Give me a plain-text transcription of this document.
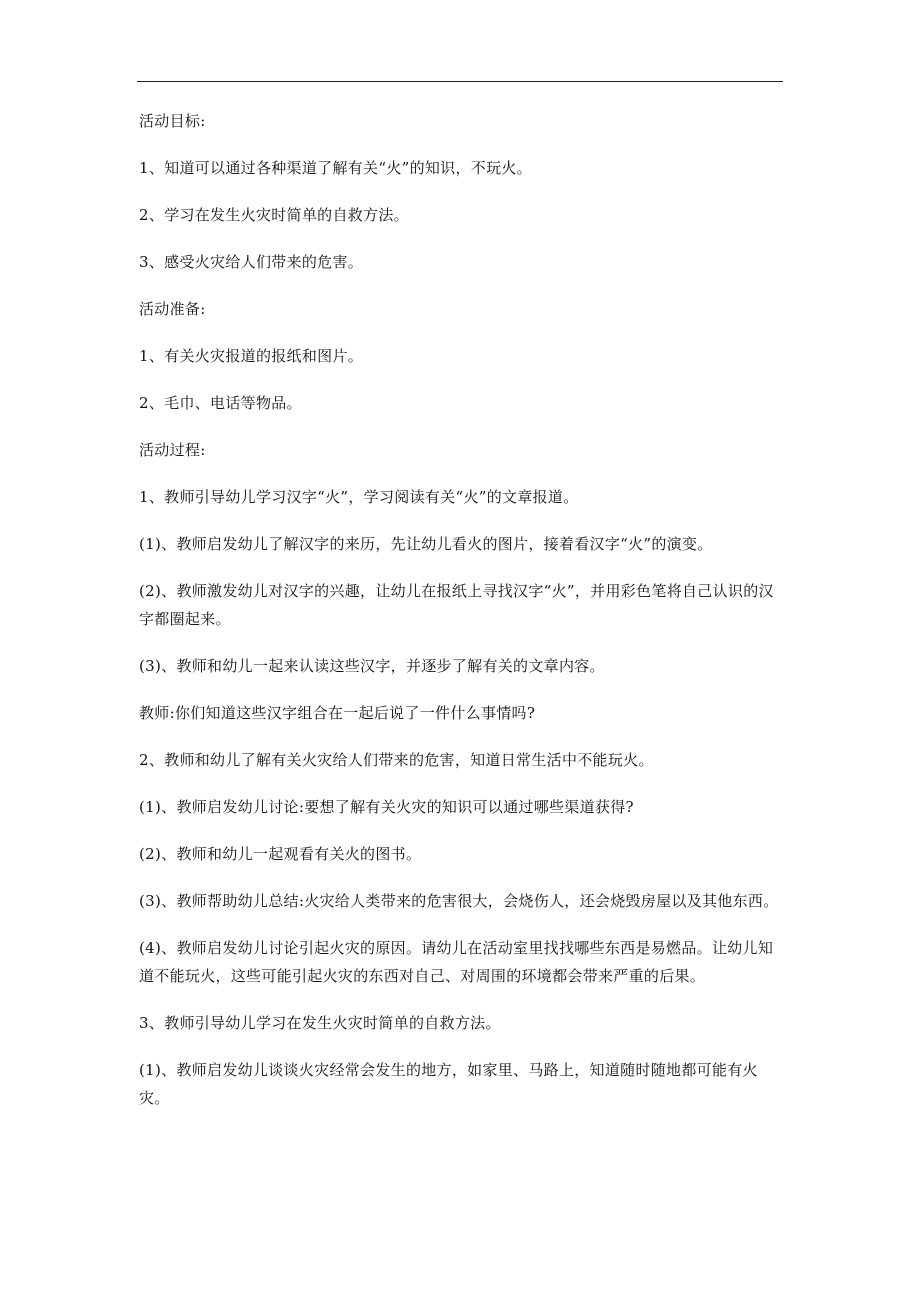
活动目标:

1、知道可以通过各种渠道了解有关“火”的知识，不玩火。

2、学习在发生火灾时简单的自救方法。

3、感受火灾给人们带来的危害。

活动准备:

1、有关火灾报道的报纸和图片。

2、毛巾、电话等物品。

活动过程:

1、教师引导幼儿学习汉字“火”，学习阅读有关“火”的文章报道。

(1)、教师启发幼儿了解汉字的来历，先让幼儿看火的图片，接着看汉字“火”的演变。

(2)、教师激发幼儿对汉字的兴趣，让幼儿在报纸上寻找汉字“火”，并用彩色笔将自己认识的汉字都圈起来。

(3)、教师和幼儿一起来认读这些汉字，并逐步了解有关的文章内容。

教师:你们知道这些汉字组合在一起后说了一件什么事情吗?

2、教师和幼儿了解有关火灾给人们带来的危害，知道日常生活中不能玩火。

(1)、教师启发幼儿讨论:要想了解有关火灾的知识可以通过哪些渠道获得?

(2)、教师和幼儿一起观看有关火的图书。

(3)、教师帮助幼儿总结:火灾给人类带来的危害很大，会烧伤人，还会烧毁房屋以及其他东西。

(4)、教师启发幼儿讨论引起火灾的原因。请幼儿在活动室里找找哪些东西是易燃品。让幼儿知道不能玩火，这些可能引起火灾的东西对自己、对周围的环境都会带来严重的后果。

3、教师引导幼儿学习在发生火灾时简单的自救方法。

(1)、教师启发幼儿谈谈火灾经常会发生的地方，如家里、马路上，知道随时随地都可能有火灾。
